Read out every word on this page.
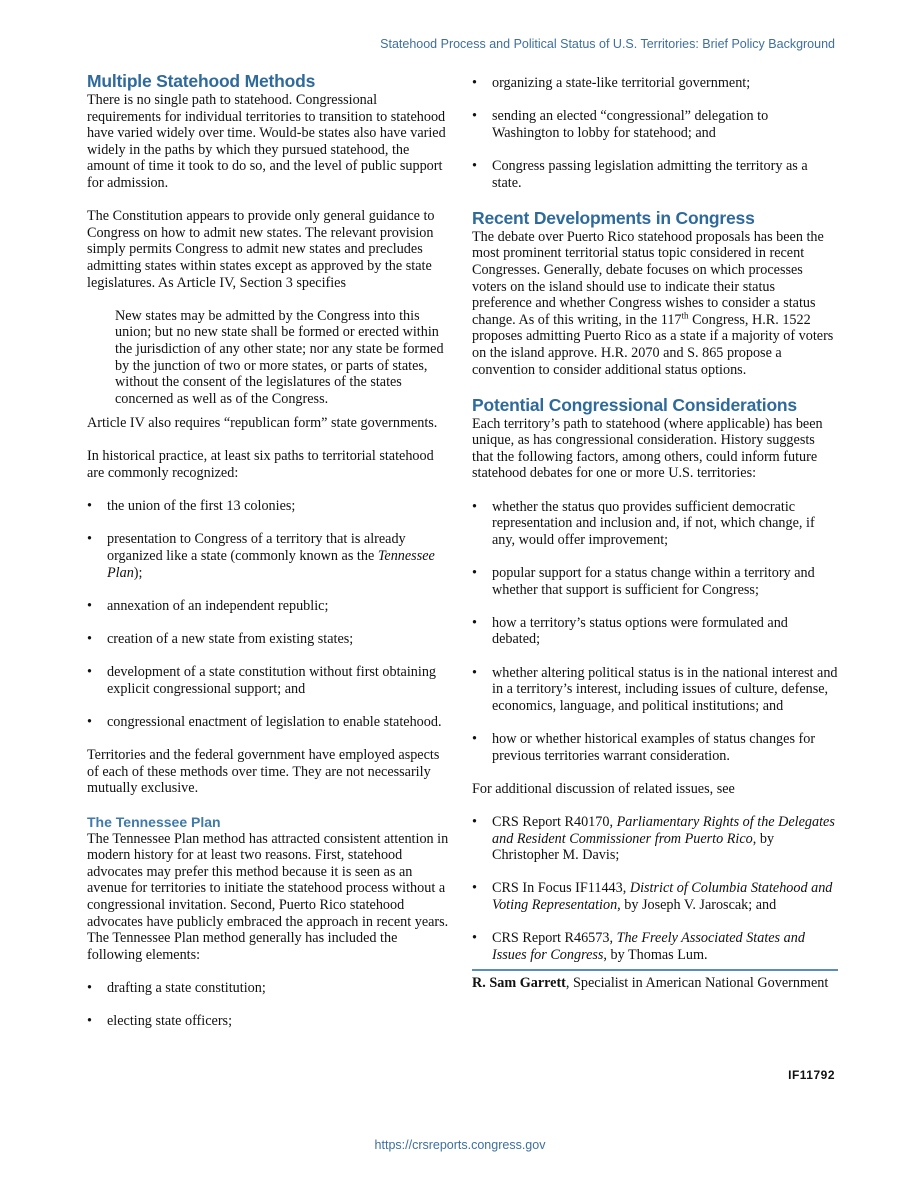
Statehood Process and Political Status of U.S. Territories: Brief Policy Background
Multiple Statehood Methods

There is no single path to statehood. Congressional requirements for individual territories to transition to statehood have varied widely over time. Would-be states also have varied widely in the paths by which they pursued statehood, the amount of time it took to do so, and the level of public support for admission.

The Constitution appears to provide only general guidance to Congress on how to admit new states. The relevant provision simply permits Congress to admit new states and precludes admitting states within states except as approved by the state legislatures. As Article IV, Section 3 specifies

New states may be admitted by the Congress into this union; but no new state shall be formed or erected within the jurisdiction of any other state; nor any state be formed by the junction of two or more states, or parts of states, without the consent of the legislatures of the states concerned as well as of the Congress.

Article IV also requires “republican form” state governments.

In historical practice, at least six paths to territorial statehood are commonly recognized:

• the union of the first 13 colonies;
• presentation to Congress of a territory that is already organized like a state (commonly known as the Tennessee Plan);
• annexation of an independent republic;
• creation of a new state from existing states;
• development of a state constitution without first obtaining explicit congressional support; and
• congressional enactment of legislation to enable statehood.

Territories and the federal government have employed aspects of each of these methods over time. They are not necessarily mutually exclusive.

The Tennessee Plan

The Tennessee Plan method has attracted consistent attention in modern history for at least two reasons. First, statehood advocates may prefer this method because it is seen as an avenue for territories to initiate the statehood process without a congressional invitation. Second, Puerto Rico statehood advocates have publicly embraced the approach in recent years. The Tennessee Plan method generally has included the following elements:

• drafting a state constitution;
• electing state officers;
• organizing a state-like territorial government;
• sending an elected “congressional” delegation to Washington to lobby for statehood; and
• Congress passing legislation admitting the territory as a state.
Recent Developments in Congress

The debate over Puerto Rico statehood proposals has been the most prominent territorial status topic considered in recent Congresses. Generally, debate focuses on which processes voters on the island should use to indicate their status preference and whether Congress wishes to consider a status change. As of this writing, in the 117th Congress, H.R. 1522 proposes admitting Puerto Rico as a state if a majority of voters on the island approve. H.R. 2070 and S. 865 propose a convention to consider additional status options.

Potential Congressional Considerations

Each territory’s path to statehood (where applicable) has been unique, as has congressional consideration. History suggests that the following factors, among others, could inform future statehood debates for one or more U.S. territories:

• whether the status quo provides sufficient democratic representation and inclusion and, if not, which change, if any, would offer improvement;
• popular support for a status change within a territory and whether that support is sufficient for Congress;
• how a territory’s status options were formulated and debated;
• whether altering political status is in the national interest and in a territory’s interest, including issues of culture, defense, economics, language, and political institutions; and
• how or whether historical examples of status changes for previous territories warrant consideration.

For additional discussion of related issues, see

• CRS Report R40170, Parliamentary Rights of the Delegates and Resident Commissioner from Puerto Rico, by Christopher M. Davis;
• CRS In Focus IF11443, District of Columbia Statehood and Voting Representation, by Joseph V. Jaroscak; and
• CRS Report R46573, The Freely Associated States and Issues for Congress, by Thomas Lum.
R. Sam Garrett, Specialist in American National Government
IF11792
https://crsreports.congress.gov
